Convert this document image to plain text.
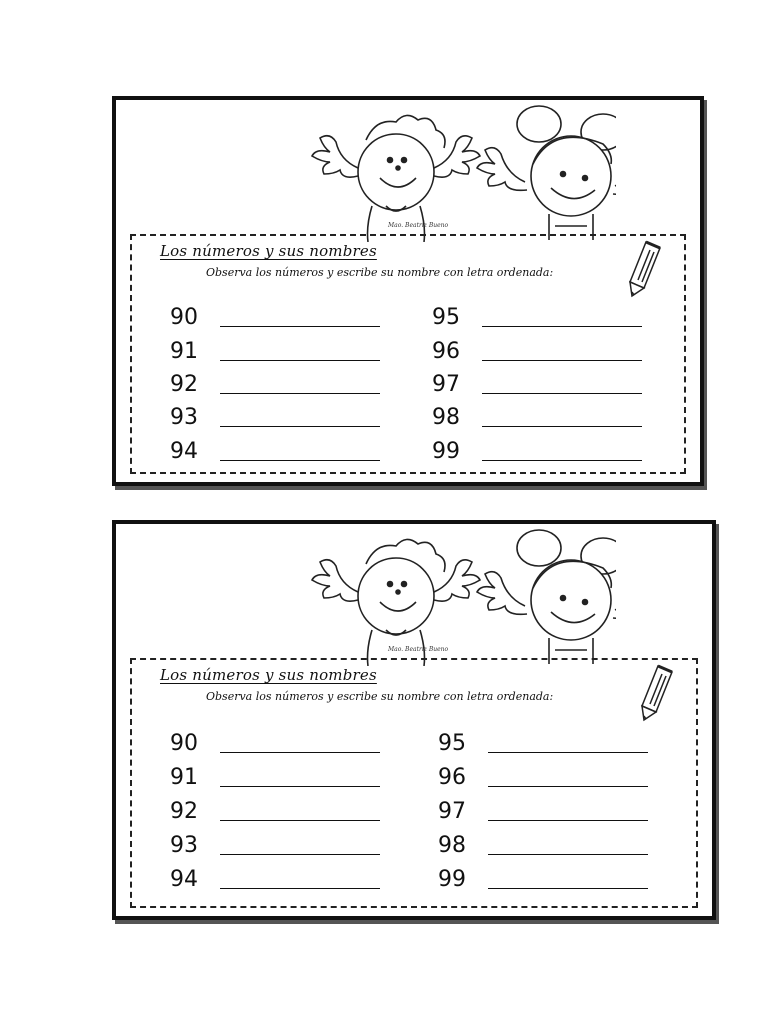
Mao. Beatriz Bueno
Los números y sus nombres
Observa los números y escribe su nombre con letra ordenada:
90
91
92
93
94
95
96
97
98
99
Mao. Beatriz Bueno
Los números y sus nombres
Observa los números y escribe su nombre con letra ordenada:
90
91
92
93
94
95
96
97
98
99
